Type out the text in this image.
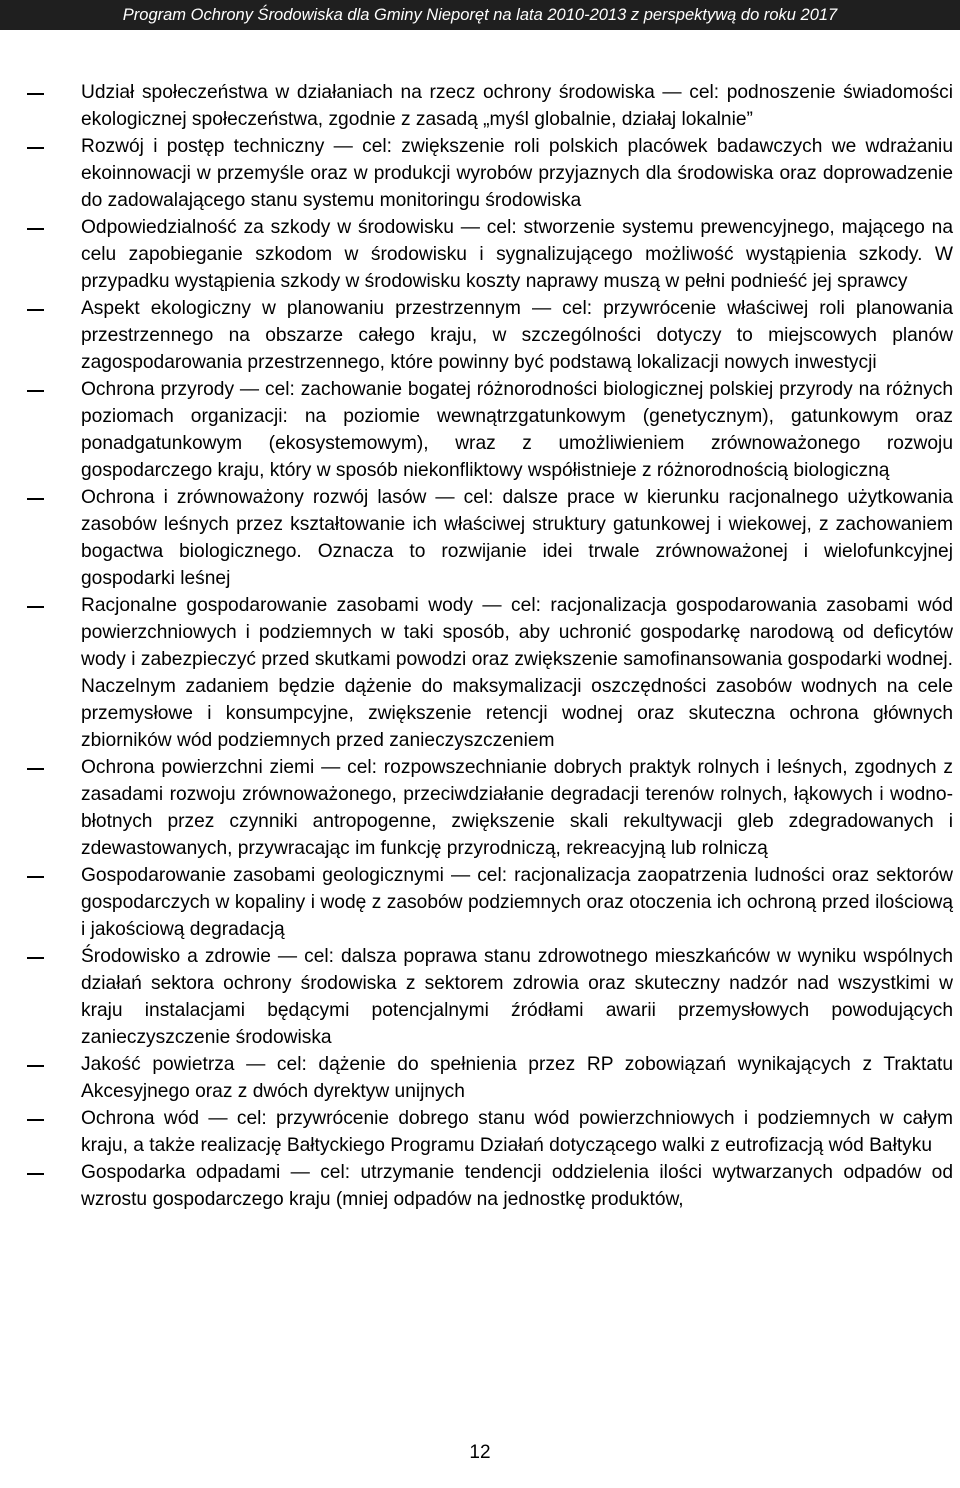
Program Ochrony Środowiska dla Gminy Nieporęt na lata 2010-2013 z perspektywą do roku 2017
Udział społeczeństwa w działaniach na rzecz ochrony środowiska ― cel: podnoszenie świadomości ekologicznej społeczeństwa, zgodnie z zasadą „myśl globalnie, działaj lokalnie”
Rozwój i postęp techniczny ― cel: zwiększenie roli polskich placówek badawczych we wdrażaniu ekoinnowacji w przemyśle oraz w produkcji wyrobów przyjaznych dla środowiska oraz doprowadzenie do zadowalającego stanu systemu monitoringu środowiska
Odpowiedzialność za szkody w środowisku ― cel: stworzenie systemu prewencyjnego, mającego na celu zapobieganie szkodom w środowisku i sygnalizującego możliwość wystąpienia szkody. W przypadku wystąpienia szkody w środowisku koszty naprawy muszą w pełni podnieść jej sprawcy
Aspekt ekologiczny w planowaniu przestrzennym ― cel: przywrócenie właściwej roli planowania przestrzennego na obszarze całego kraju, w szczególności dotyczy to miejscowych planów zagospodarowania przestrzennego, które powinny być podstawą lokalizacji nowych inwestycji
Ochrona przyrody ― cel: zachowanie bogatej różnorodności biologicznej polskiej przyrody na różnych poziomach organizacji: na poziomie wewnątrzgatunkowym (genetycznym), gatunkowym oraz ponadgatunkowym (ekosystemowym), wraz z umożliwieniem zrównoważonego rozwoju gospodarczego kraju, który w sposób niekonfliktowy współistnieje z różnorodnością biologiczną
Ochrona i zrównoważony rozwój lasów ― cel: dalsze prace w kierunku racjonalnego użytkowania zasobów leśnych przez kształtowanie ich właściwej struktury gatunkowej i wiekowej, z zachowaniem bogactwa biologicznego. Oznacza to rozwijanie idei trwale zrównoważonej i wielofunkcyjnej gospodarki leśnej
Racjonalne gospodarowanie zasobami wody ― cel: racjonalizacja gospodarowania zasobami wód powierzchniowych i podziemnych w taki sposób, aby uchronić gospodarkę narodową od deficytów wody i zabezpieczyć przed skutkami powodzi oraz zwiększenie samofinansowania gospodarki wodnej. Naczelnym zadaniem będzie dążenie do maksymalizacji oszczędności zasobów wodnych na cele przemysłowe i konsumpcyjne, zwiększenie retencji wodnej oraz skuteczna ochrona głównych zbiorników wód podziemnych przed zanieczyszczeniem
Ochrona powierzchni ziemi ― cel: rozpowszechnianie dobrych praktyk rolnych i leśnych, zgodnych z zasadami rozwoju zrównoważonego, przeciwdziałanie degradacji terenów rolnych, łąkowych i wodno-błotnych przez czynniki antropogenne, zwiększenie skali rekultywacji gleb zdegradowanych i zdewastowanych, przywracając im funkcję przyrodniczą, rekreacyjną lub rolniczą
Gospodarowanie zasobami geologicznymi ― cel: racjonalizacja zaopatrzenia ludności oraz sektorów gospodarczych w kopaliny i wodę z zasobów podziemnych oraz otoczenia ich ochroną przed ilościową i jakościową degradacją
Środowisko a zdrowie ― cel: dalsza poprawa stanu zdrowotnego mieszkańców w wyniku wspólnych działań sektora ochrony środowiska z sektorem zdrowia oraz skuteczny nadzór nad wszystkimi w kraju instalacjami będącymi potencjalnymi źródłami awarii przemysłowych powodujących zanieczyszczenie środowiska
Jakość powietrza ― cel: dążenie do spełnienia przez RP zobowiązań wynikających z Traktatu Akcesyjnego oraz z dwóch dyrektyw unijnych
Ochrona wód ― cel: przywrócenie dobrego stanu wód powierzchniowych i podziemnych w całym kraju, a także realizację Bałtyckiego Programu Działań dotyczącego walki z eutrofizacją wód Bałtyku
Gospodarka odpadami ― cel: utrzymanie tendencji oddzielenia ilości wytwarzanych odpadów od wzrostu gospodarczego kraju (mniej odpadów na jednostkę produktów,
12
